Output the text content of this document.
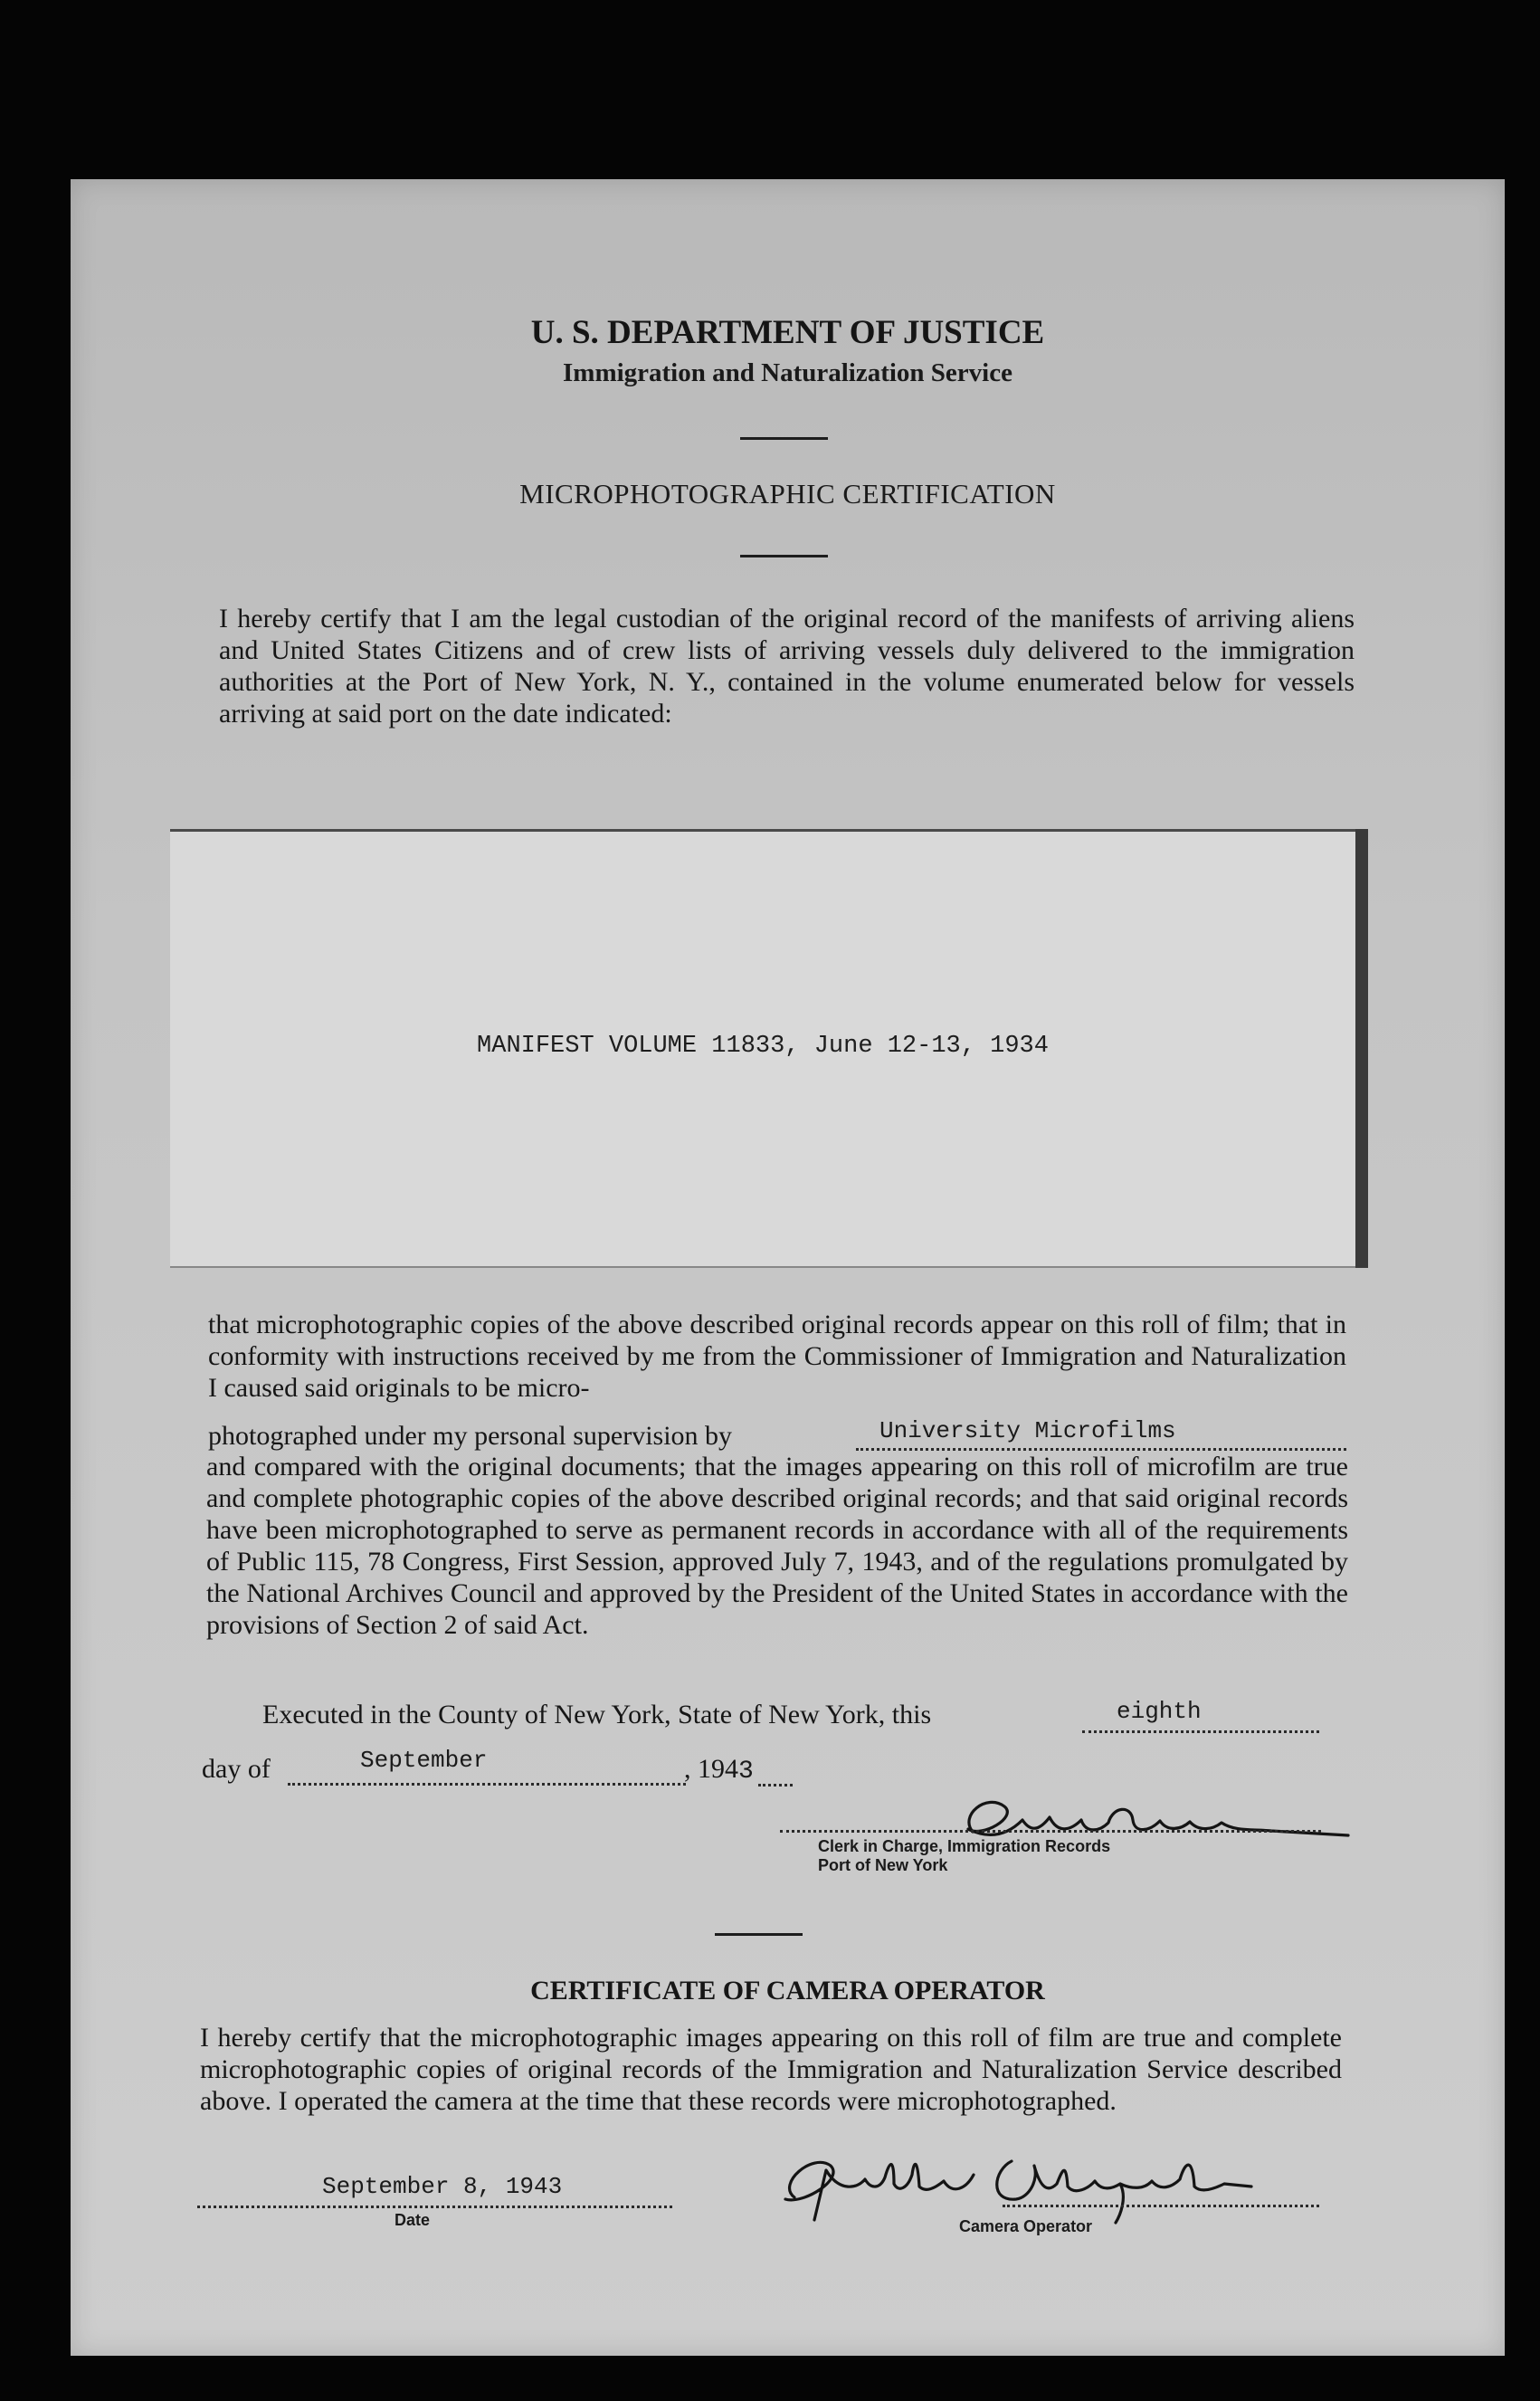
U. S. DEPARTMENT OF JUSTICE
Immigration and Naturalization Service
MICROPHOTOGRAPHIC CERTIFICATION
I hereby certify that I am the legal custodian of the original record of the manifests of arriving aliens and United States Citizens and of crew lists of arriving vessels duly delivered to the immigration authorities at the Port of New York, N. Y., contained in the volume enumerated below for vessels arriving at said port on the date indicated:
MANIFEST VOLUME 11833, June 12-13, 1934
that microphotographic copies of the above described original records appear on this roll of film; that in conformity with instructions received by me from the Commissioner of Immigration and Naturalization I caused said originals to be micro-
photographed under my personal supervision by	University Microfilms
and compared with the original documents; that the images appearing on this roll of microfilm are true and complete photographic copies of the above described original records; and that said original records have been microphotographed to serve as permanent records in accordance with all of the requirements of Public 115, 78 Congress, First Session, approved July 7, 1943, and of the regulations promulgated by the National Archives Council and approved by the President of the United States in accordance with the provisions of Section 2 of said Act.
Executed in the County of New York, State of New York, this	eighth
day of	September	, 1943
Clerk in Charge, Immigration Records
Port of New York
CERTIFICATE OF CAMERA OPERATOR
I hereby certify that the microphotographic images appearing on this roll of film are true and complete microphotographic copies of original records of the Immigration and Naturalization Service described above. I operated the camera at the time that these records were microphotographed.
September 8, 1943
Date	Camera Operator
